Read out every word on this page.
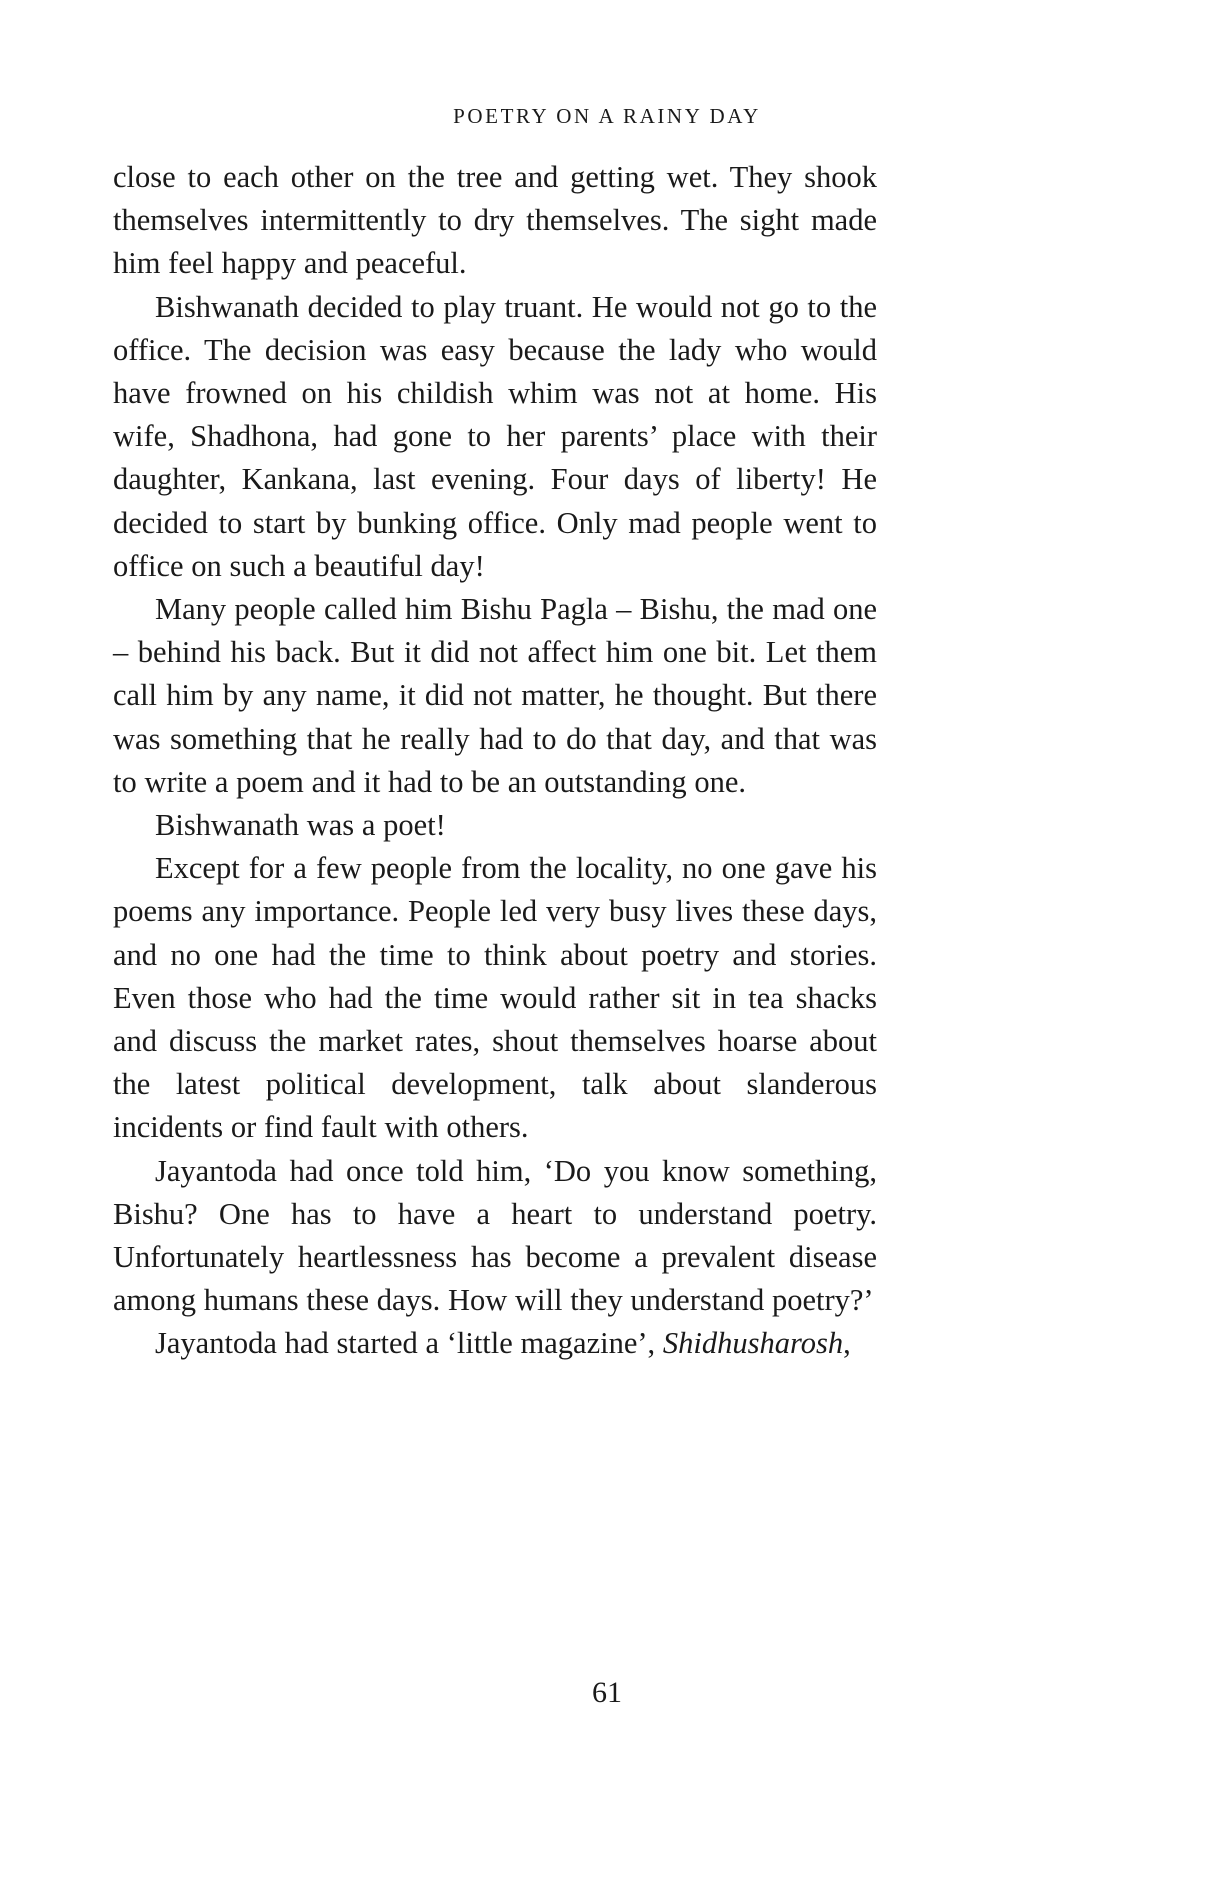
POETRY ON A RAINY DAY

close to each other on the tree and getting wet. They shook themselves intermittently to dry themselves. The sight made him feel happy and peaceful.

Bishwanath decided to play truant. He would not go to the office. The decision was easy because the lady who would have frowned on his childish whim was not at home. His wife, Shadhona, had gone to her parents’ place with their daughter, Kankana, last evening. Four days of liberty! He decided to start by bunking office. Only mad people went to office on such a beautiful day!

Many people called him Bishu Pagla – Bishu, the mad one – behind his back. But it did not affect him one bit. Let them call him by any name, it did not matter, he thought. But there was something that he really had to do that day, and that was to write a poem and it had to be an outstanding one.

Bishwanath was a poet!

Except for a few people from the locality, no one gave his poems any importance. People led very busy lives these days, and no one had the time to think about poetry and stories. Even those who had the time would rather sit in tea shacks and discuss the market rates, shout themselves hoarse about the latest political development, talk about slanderous incidents or find fault with others.

Jayantoda had once told him, ‘Do you know something, Bishu? One has to have a heart to understand poetry. Unfortunately heartlessness has become a prevalent disease among humans these days. How will they understand poetry?’

Jayantoda had started a ‘little magazine’, Shidhusharosh,

61
